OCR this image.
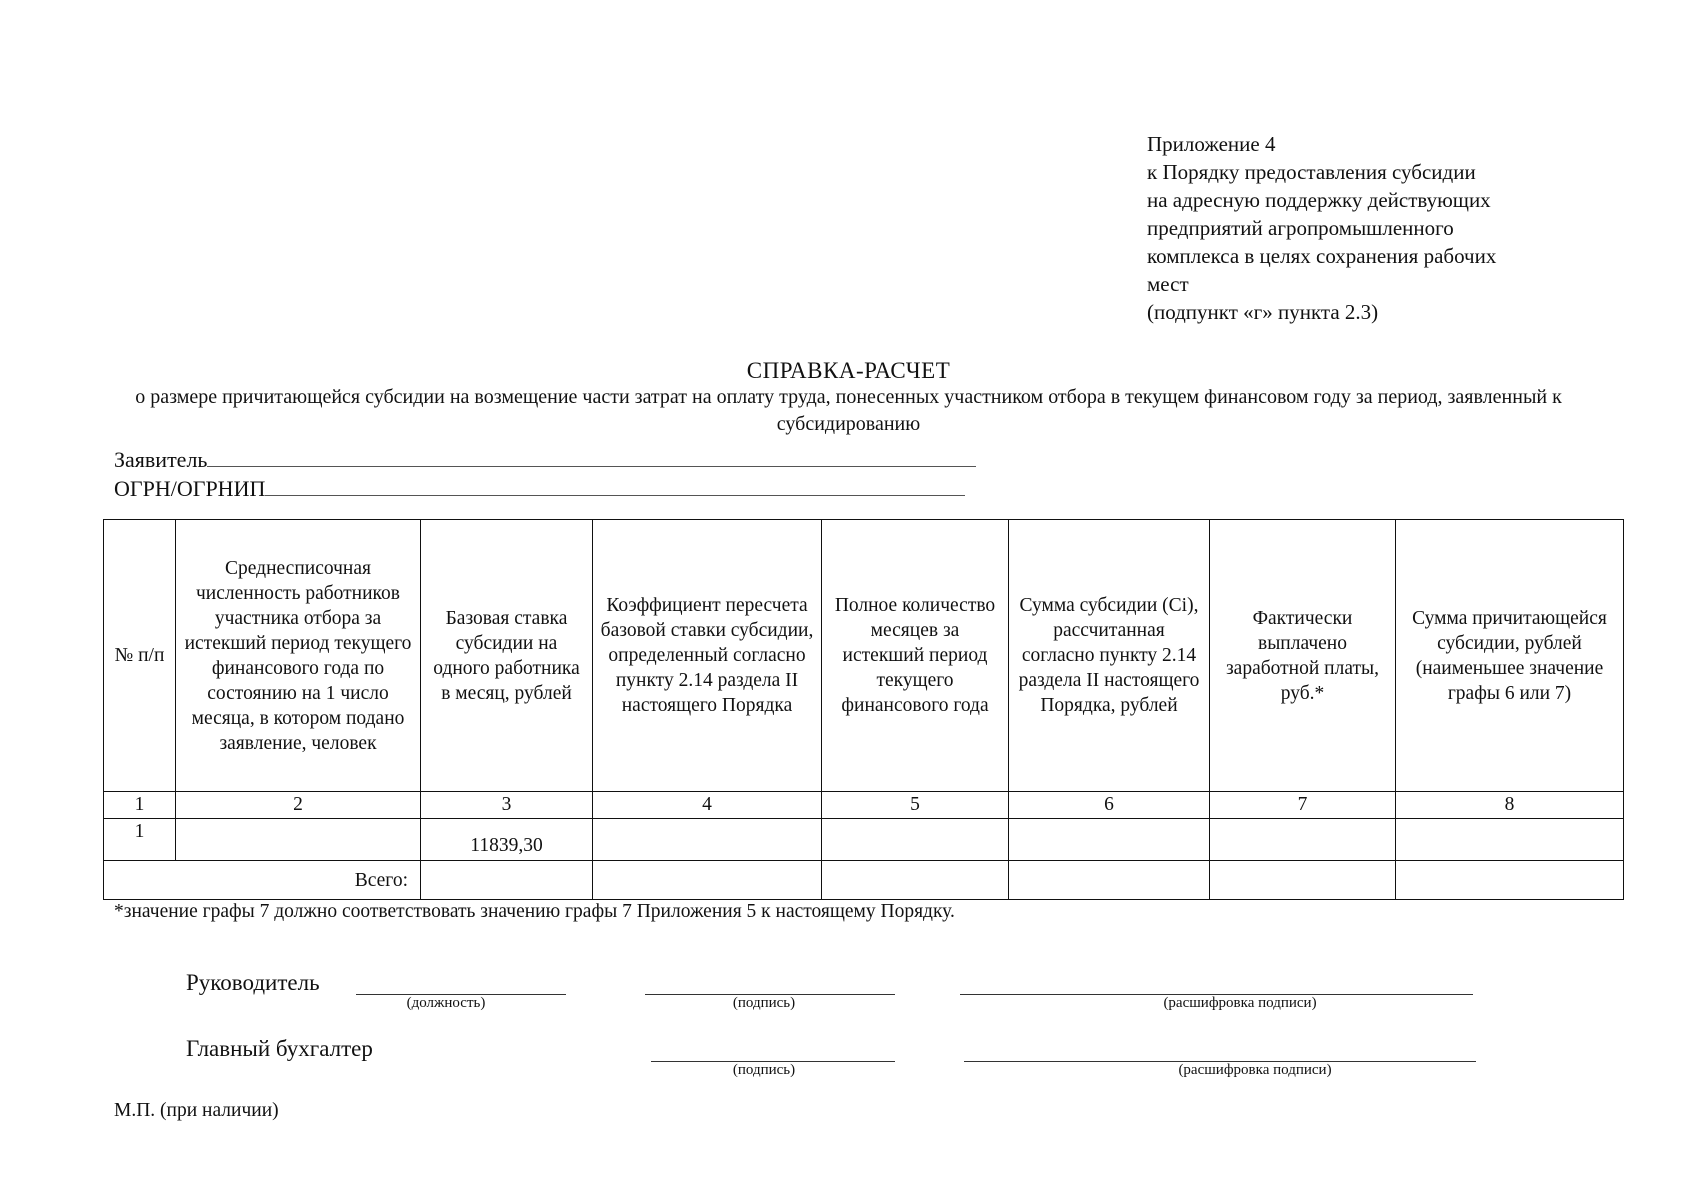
Приложение 4
к Порядку предоставления субсидии
на адресную поддержку действующих
предприятий агропромышленного
комплекса в целях сохранения рабочих
мест
(подпункт «г» пункта 2.3)
СПРАВКА-РАСЧЕТ
о размере причитающейся субсидии на возмещение части затрат на оплату труда, понесенных участником отбора в текущем финансовом году за период, заявленный к субсидированию
Заявитель
ОГРН/ОГРНИП
№ п/п	Среднесписочная численность работников участника отбора за истекший период текущего финансового года по состоянию на 1 число месяца, в котором подано заявление, человек	Базовая ставка субсидии на одного работника в месяц, рублей	Коэффициент пересчета базовой ставки субсидии, определенный согласно пункту 2.14 раздела II настоящего Порядка	Полное количество месяцев за истекший период текущего финансового года	Сумма субсидии (Ci), рассчитанная согласно пункту 2.14 раздела II настоящего Порядка, рублей	Фактически выплачено заработной платы, руб.*	Сумма причитающейся субсидии, рублей (наименьшее значение графы 6 или 7)
1	2	3	4	5	6	7	8
1		11839,30					
Всего:							
*значение графы 7 должно соответствовать значению графы 7 Приложения 5 к настоящему Порядку.
Руководитель
(должность)	(подпись)	(расшифровка подписи)
Главный бухгалтер
(подпись)	(расшифровка подписи)
М.П. (при наличии)
